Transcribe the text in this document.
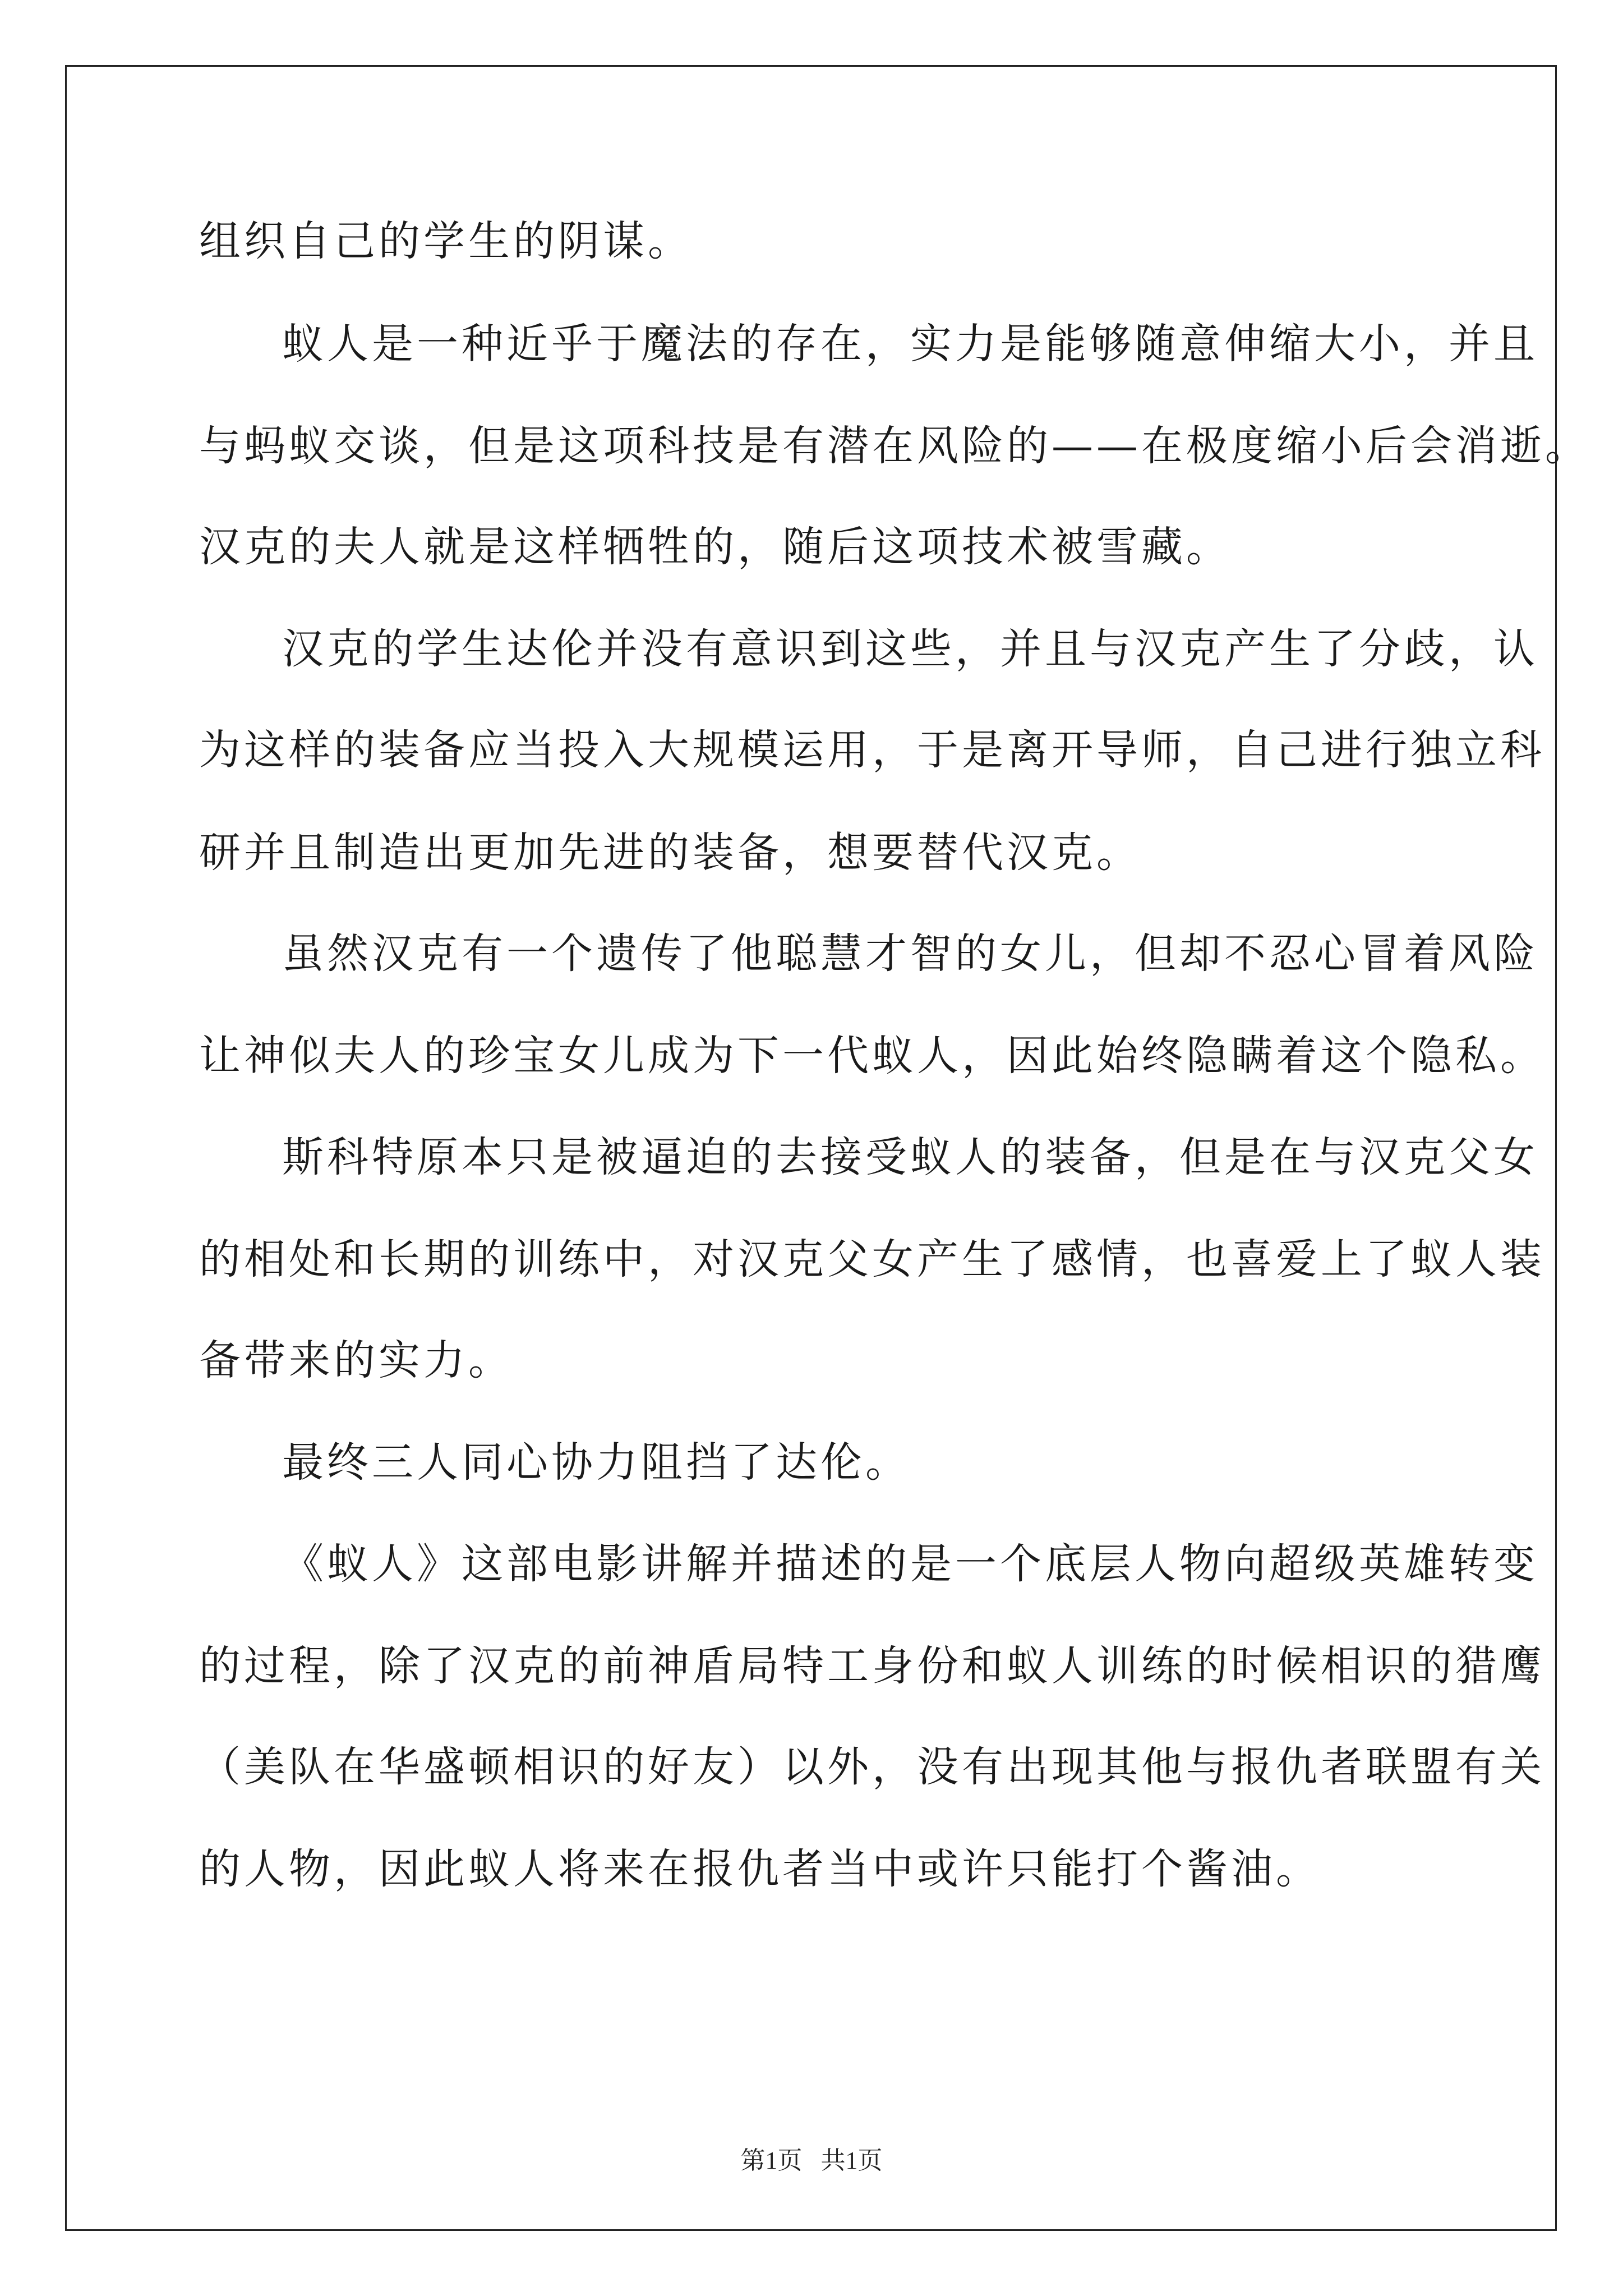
组织自己的学生的阴谋。
蚁人是一种近乎于魔法的存在，实力是能够随意伸缩大小，并且
与蚂蚁交谈，但是这项科技是有潜在风险的——在极度缩小后会消逝。
汉克的夫人就是这样牺牲的，随后这项技术被雪藏。
汉克的学生达伦并没有意识到这些，并且与汉克产生了分歧，认
为这样的装备应当投入大规模运用，于是离开导师，自己进行独立科
研并且制造出更加先进的装备，想要替代汉克。
虽然汉克有一个遗传了他聪慧才智的女儿，但却不忍心冒着风险
让神似夫人的珍宝女儿成为下一代蚁人，因此始终隐瞒着这个隐私。
斯科特原本只是被逼迫的去接受蚁人的装备，但是在与汉克父女
的相处和长期的训练中，对汉克父女产生了感情，也喜爱上了蚁人装
备带来的实力。
最终三人同心协力阻挡了达伦。
《蚁人》这部电影讲解并描述的是一个底层人物向超级英雄转变
的过程，除了汉克的前神盾局特工身份和蚁人训练的时候相识的猎鹰
（美队在华盛顿相识的好友）以外，没有出现其他与报仇者联盟有关
的人物，因此蚁人将来在报仇者当中或许只能打个酱油。
第1页   共1页
